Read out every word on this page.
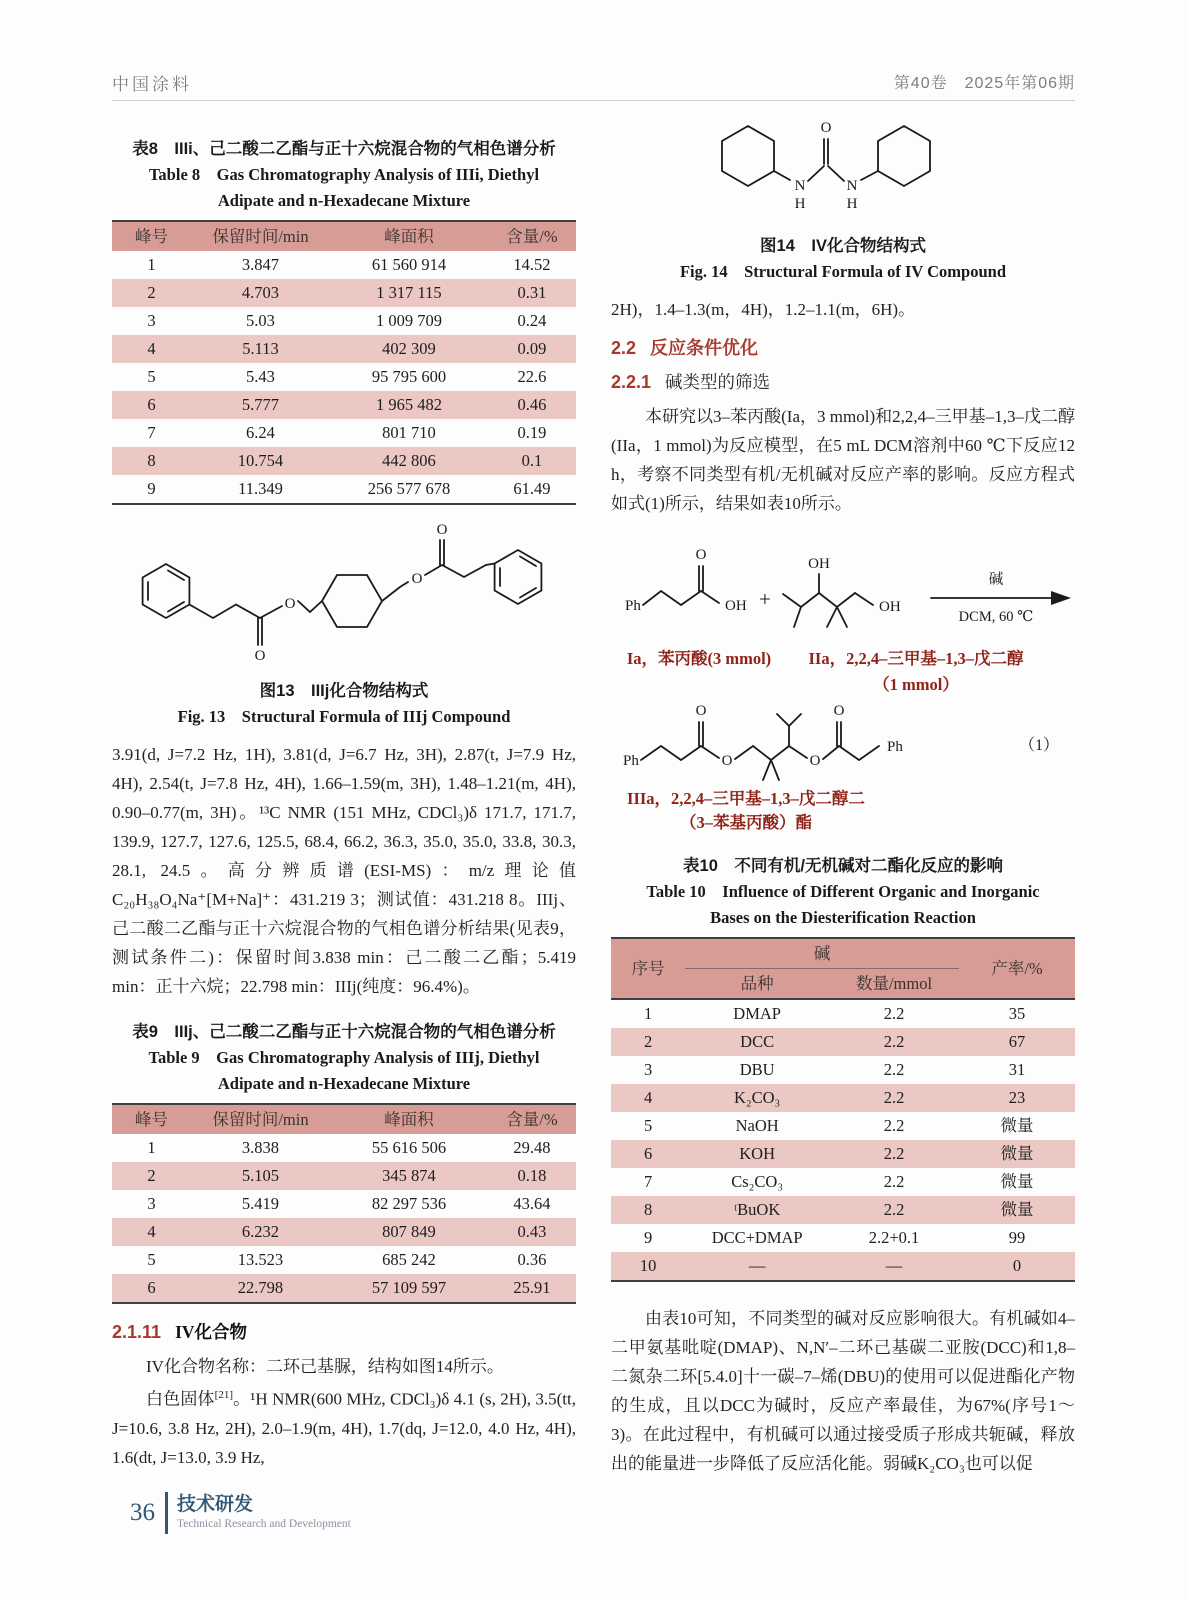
中国涂料	第40卷　2025年第06期
表8　IIIi、己二酸二乙酯与正十六烷混合物的气相色谱分析
Table 8　Gas Chromatography Analysis of IIIi, Diethyl
Adipate and n-Hexadecane Mixture
峰号	保留时间/min	峰面积	含量/%
1	3.847	61 560 914	14.52
2	4.703	1 317 115	0.31
3	5.03	1 009 709	0.24
4	5.113	402 309	0.09
5	5.43	95 795 600	22.6
6	5.777	1 965 482	0.46
7	6.24	801 710	0.19
8	10.754	442 806	0.1
9	11.349	256 577 678	61.49
O
O
O
O
图13　IIIj化合物结构式
Fig. 13　Structural Formula of IIIj Compound

3.91(d, J=7.2 Hz, 1H), 3.81(d, J=6.7 Hz, 3H), 2.87(t, J=7.9 Hz, 4H), 2.54(t, J=7.8 Hz, 4H), 1.66–1.59(m, 3H), 1.48–1.21(m, 4H), 0.90–0.77(m, 3H)。¹³C NMR (151 MHz, CDCl₃)δ 171.7, 171.7, 139.9, 127.7, 127.6, 125.5, 68.4, 66.2, 36.3, 35.0, 35.0, 33.8, 30.3, 28.1, 24.5。高分辨质谱(ESI-MS)：m/z理论值C₂₀H₃₈O₄Na⁺[M+Na]⁺：431.219 3；测试值：431.218 8。IIIj、己二酸二乙酯与正十六烷混合物的气相色谱分析结果(见表9，测试条件二)：保留时间3.838 min：己二酸二乙酯；5.419 min：正十六烷；22.798 min：IIIj(纯度：96.4%)。

表9　IIIj、己二酸二乙酯与正十六烷混合物的气相色谱分析
Table 9　Gas Chromatography Analysis of IIIj, Diethyl
Adipate and n-Hexadecane Mixture
峰号	保留时间/min	峰面积	含量/%
1	3.838	55 616 506	29.48
2	5.105	345 874	0.18
3	5.419	82 297 536	43.64
4	6.232	807 849	0.43
5	13.523	685 242	0.36
6	22.798	57 109 597	25.91
2.1.11 IV化合物

IV化合物名称：二环己基脲，结构如图14所示。

白色固体[21]。¹H NMR(600 MHz, CDCl₃)δ 4.1 (s, 2H), 3.5(tt, J=10.6, 3.8 Hz, 2H), 2.0–1.9(m, 4H), 1.7(dq, J=12.0, 4.0 Hz, 4H), 1.6(dt, J=13.0, 3.9 Hz,

N
H
O
N
H
图14　IV化合物结构式
Fig. 14　Structural Formula of IV Compound

2H)，1.4–1.3(m，4H)，1.2–1.1(m，6H)。

2.2 反应条件优化
2.2.1 碱类型的筛选

本研究以3–苯丙酸(Ia，3 mmol)和2,2,4–三甲基–1,3–戊二醇(IIa，1 mmol)为反应模型，在5 mL DCM溶剂中60 ℃下反应12 h，考察不同类型有机/无机碱对反应产率的影响。反应方程式如式(1)所示，结果如表10所示。

Ph
O
OH +
OH
OH
碱
DCM, 60 ℃
Ia，苯丙酸(3 mmol) IIa，2,2,4–三甲基–1,3–戊二醇
（1 mmol）
Ph
O
O	O
O
Ph	（1）
IIIa，2,2,4–三甲基–1,3–戊二醇二
（3–苯基丙酸）酯
表10　不同有机/无机碱对二酯化反应的影响
Table 10　Influence of Different Organic and Inorganic
Bases on the Diesterification Reaction
序号	碱		产率/%
	品种	数量/mmol	
1	DMAP	2.2	35
2	DCC	2.2	67
3	DBU	2.2	31
4	K₂CO₃	2.2	23
5	NaOH	2.2	微量
6	KOH	2.2	微量
7	Cs₂CO₃	2.2	微量
8	ᵗBuOK	2.2	微量
9	DCC+DMAP	2.2+0.1	99
10	—	—	0

由表10可知，不同类型的碱对反应影响很大。有机碱如4–二甲氨基吡啶(DMAP)、N,N′–二环己基碳二亚胺(DCC)和1,8–二氮杂二环[5.4.0]十一碳–7–烯(DBU)的使用可以促进酯化产物的生成，且以DCC为碱时，反应产率最佳，为67%(序号1～3)。在此过程中，有机碱可以通过接受质子形成共轭碱，释放出的能量进一步降低了反应活化能。弱碱K₂CO₃也可以促

36 技术研发
Technical Research and Development
